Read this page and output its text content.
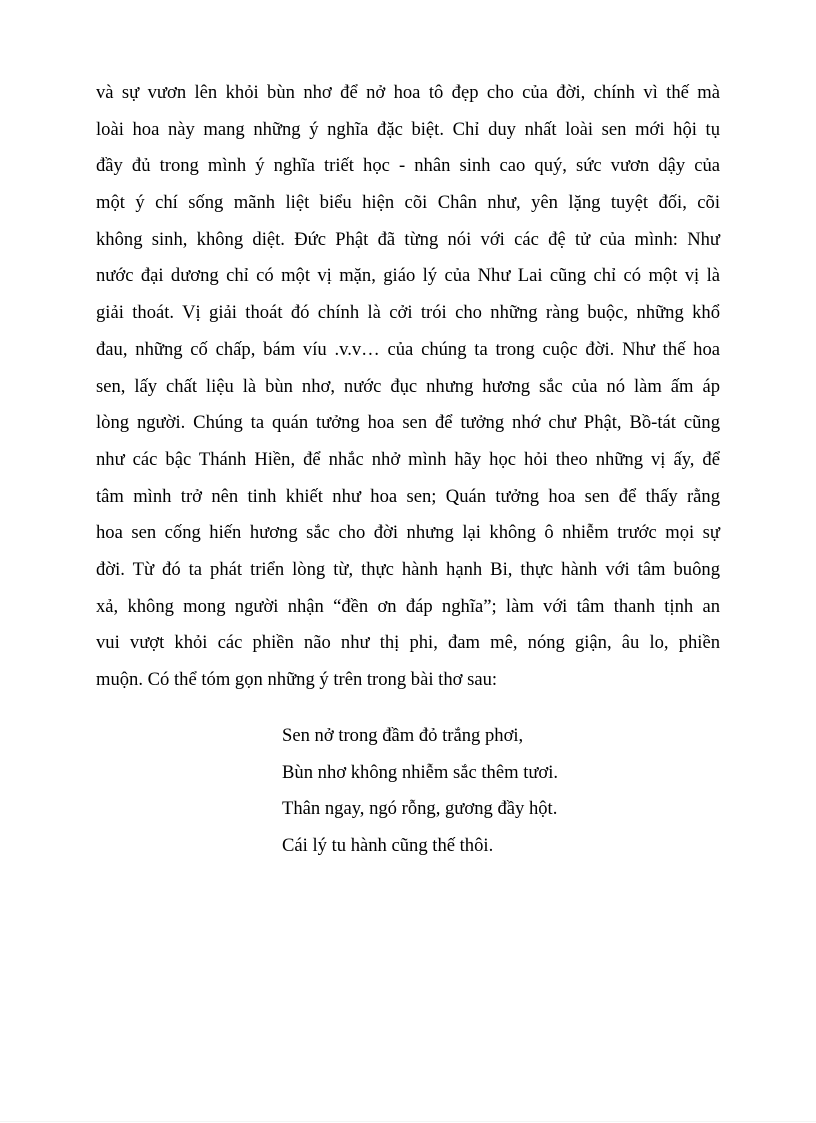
và sự vươn lên khỏi bùn nhơ để nở hoa tô đẹp cho của đời, chính vì thế mà
loài hoa này mang những ý nghĩa đặc biệt. Chỉ duy nhất loài sen mới hội tụ
đầy đủ trong mình ý nghĩa triết học - nhân sinh cao quý, sức vươn dậy của
một ý chí sống mãnh liệt biểu hiện cõi Chân như, yên lặng tuyệt đối, cõi
không sinh, không diệt. Đức Phật đã từng nói với các đệ tử của mình: Như
nước đại dương chỉ có một vị mặn, giáo lý của Như Lai cũng chỉ có một vị là
giải thoát. Vị giải thoát đó chính là cởi trói cho những ràng buộc, những khổ
đau, những cố chấp, bám víu .v.v… của chúng ta trong cuộc đời. Như thế hoa
sen, lấy chất liệu là bùn nhơ, nước đục nhưng hương sắc của nó làm ấm áp
lòng người. Chúng ta quán tưởng hoa sen để tưởng nhớ chư Phật, Bồ-tát cũng
như các bậc Thánh Hiền, để nhắc nhở mình hãy học hỏi theo những vị ấy, để
tâm mình trở nên tinh khiết như hoa sen; Quán tưởng hoa sen để thấy rằng
hoa sen cống hiến hương sắc cho đời nhưng lại không ô nhiễm trước mọi sự
đời. Từ đó ta phát triển lòng từ, thực hành hạnh Bi, thực hành với tâm buông
xả, không mong người nhận “đền ơn đáp nghĩa”; làm với tâm thanh tịnh an
vui vượt khỏi các phiền não như thị phi, đam mê, nóng giận, âu lo, phiền
muộn. Có thể tóm gọn những ý trên trong bài thơ sau:
Sen nở trong đầm đỏ trắng phơi,
Bùn nhơ không nhiễm sắc thêm tươi.
Thân ngay, ngó rỗng, gương đầy hột.
Cái lý tu hành cũng thế thôi.
